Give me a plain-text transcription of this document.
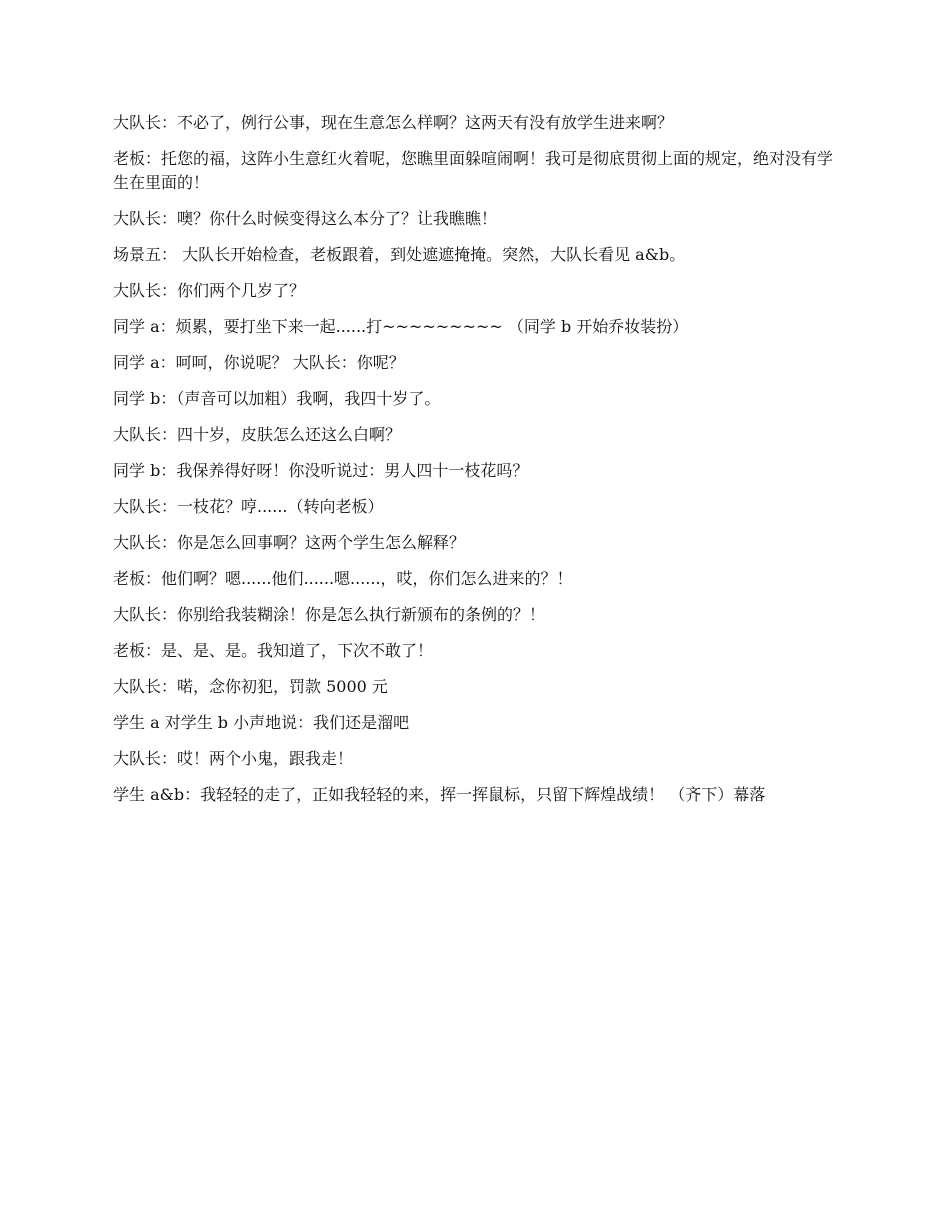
大队长：不必了，例行公事，现在生意怎么样啊？这两天有没有放学生进来啊？

老板：托您的福，这阵小生意红火着呢，您瞧里面躲喧闹啊！我可是彻底贯彻上面的规定，绝对没有学生在里面的！

大队长：噢？你什么时候变得这么本分了？让我瞧瞧！

场景五： 大队长开始检查，老板跟着，到处遮遮掩掩。突然，大队长看见 a&b。

大队长：你们两个几岁了？

同学 a：烦累，要打坐下来一起......打~~~~~~~~~ （同学 b 开始乔妆装扮）

同学 a：呵呵，你说呢？ 大队长：你呢？

同学 b：（声音可以加粗）我啊，我四十岁了。

大队长：四十岁，皮肤怎么还这么白啊？

同学 b：我保养得好呀！你没听说过：男人四十一枝花吗？

大队长：一枝花？哼......（转向老板）

大队长：你是怎么回事啊？这两个学生怎么解释？

老板：他们啊？嗯......他们......嗯......，哎，你们怎么进来的？！

大队长：你别给我装糊涂！你是怎么执行新颁布的条例的？！

老板：是、是、是。我知道了，下次不敢了！

大队长：喏，念你初犯，罚款 5000 元

学生 a 对学生 b 小声地说：我们还是溜吧

大队长：哎！两个小鬼，跟我走！

学生 a&b：我轻轻的走了，正如我轻轻的来，挥一挥鼠标，只留下辉煌战绩！ （齐下）幕落
